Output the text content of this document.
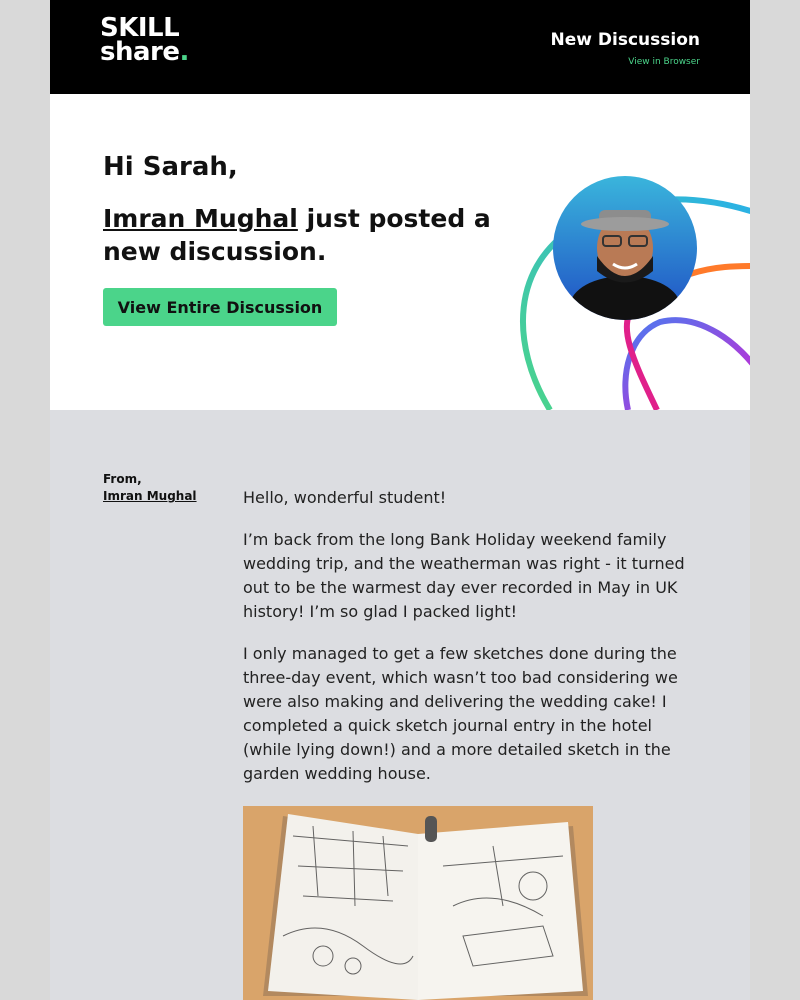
SKILL
share.	New Discussion
View in Browser
Hi Sarah,
Imran Mughal just posted a new discussion.
View Entire Discussion
From,
Imran Mughal	Hello, wonderful student!

I’m back from the long Bank Holiday weekend family wedding trip, and the weatherman was right - it turned out to be the warmest day ever recorded in May in UK history! I’m so glad I packed light!

I only managed to get a few sketches done during the three-day event, which wasn’t too bad considering we were also making and delivering the wedding cake! I completed a quick sketch journal entry in the hotel (while lying down!) and a more detailed sketch in the garden wedding house.
